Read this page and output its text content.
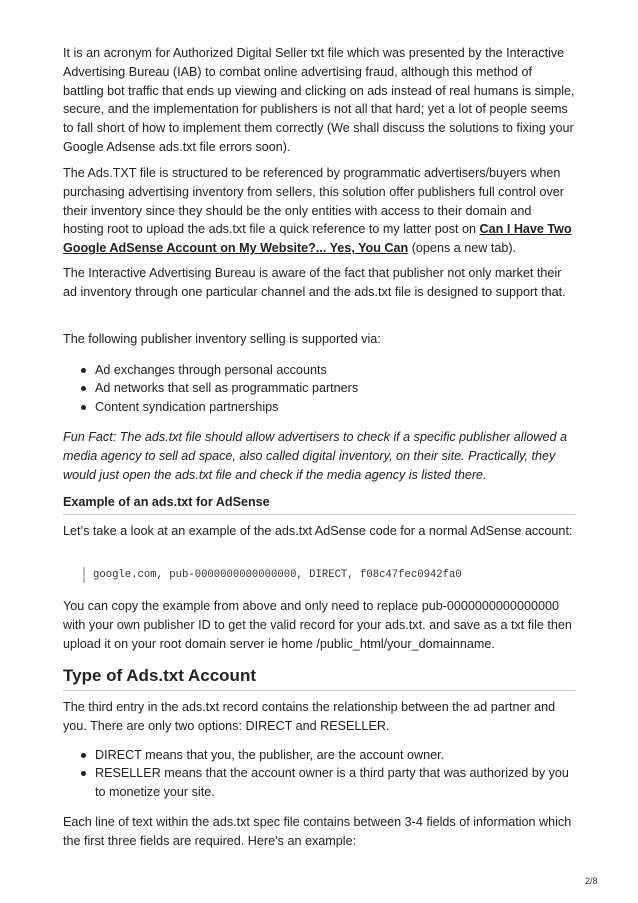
It is an acronym for Authorized Digital Seller txt file which was presented by the Interactive Advertising Bureau (IAB) to combat online advertising fraud, although this method of battling bot traffic that ends up viewing and clicking on ads instead of real humans is simple, secure, and the implementation for publishers is not all that hard; yet a lot of people seems to fall short of how to implement them correctly (We shall discuss the solutions to fixing your Google Adsense ads.txt file errors soon).

The Ads.TXT file is structured to be referenced by programmatic advertisers/buyers when purchasing advertising inventory from sellers, this solution offer publishers full control over their inventory since they should be the only entities with access to their domain and hosting root to upload the ads.txt file a quick reference to my latter post on Can I Have Two Google AdSense Account on My Website?... Yes, You Can (opens a new tab).

The Interactive Advertising Bureau is aware of the fact that publisher not only market their ad inventory through one particular channel and the ads.txt file is designed to support that.

The following publisher inventory selling is supported via:

Ad exchanges through personal accounts
Ad networks that sell as programmatic partners
Content syndication partnerships

Fun Fact: The ads.txt file should allow advertisers to check if a specific publisher allowed a media agency to sell ad space, also called digital inventory, on their site. Practically, they would just open the ads.txt file and check if the media agency is listed there.

Example of an ads.txt for AdSense

Let’s take a look at an example of the ads.txt AdSense code for a normal AdSense account:

google.com, pub-0000000000000000, DIRECT, f08c47fec0942fa0

You can copy the example from above and only need to replace pub-0000000000000000 with your own publisher ID to get the valid record for your ads.txt. and save as a txt file then upload it on your root domain server ie home /public_html/your_domainname.

Type of Ads.txt Account

The third entry in the ads.txt record contains the relationship between the ad partner and you. There are only two options: DIRECT and RESELLER.

DIRECT means that you, the publisher, are the account owner.
RESELLER means that the account owner is a third party that was authorized by you to monetize your site.

Each line of text within the ads.txt spec file contains between 3-4 fields of information which the first three fields are required. Here’s an example:

2/8
